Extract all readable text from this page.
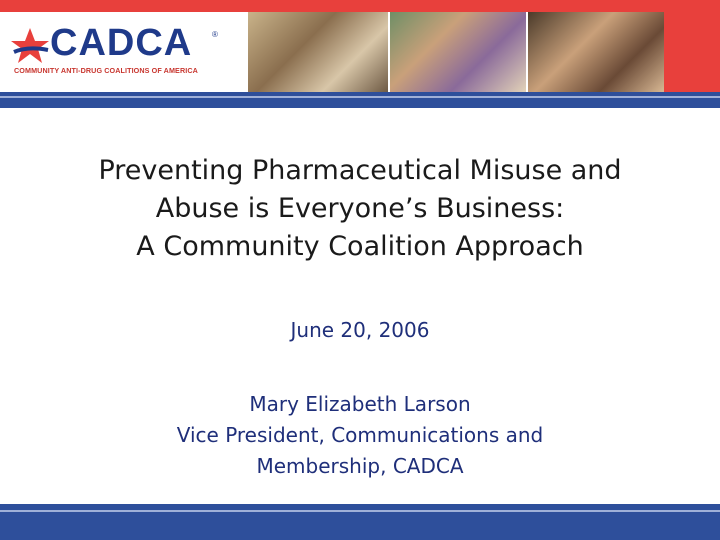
CADCA ®
COMMUNITY ANTI-DRUG COALITIONS OF AMERICA
Preventing Pharmaceutical Misuse and
Abuse is Everyone’s Business:
A Community Coalition Approach
June 20, 2006
Mary Elizabeth Larson
Vice President, Communications and
Membership, CADCA
